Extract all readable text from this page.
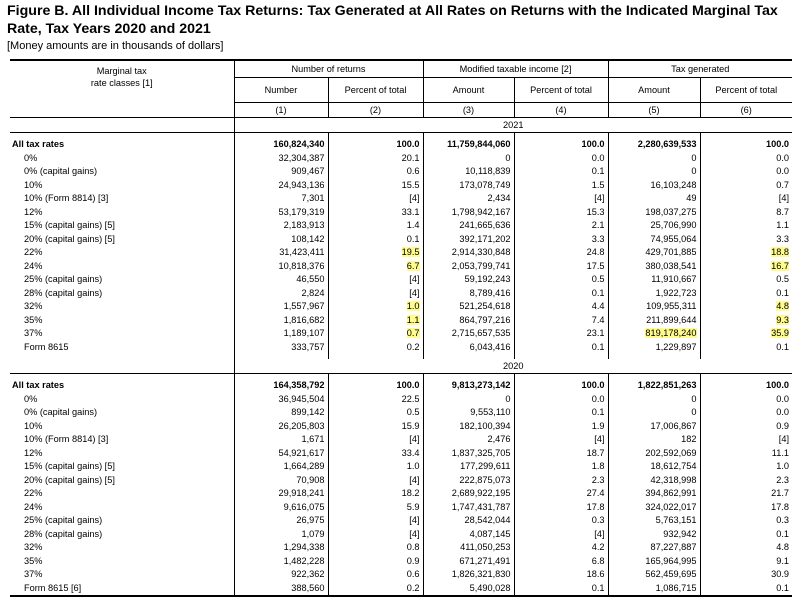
Figure B. All Individual Income Tax Returns: Tax Generated at All Rates on Returns with the Indicated Marginal Tax Rate, Tax Years 2020 and 2021
[Money amounts are in thousands of dollars]

Marginal tax
rate classes [1]	Number of returns		Modified taxable income [2]		Tax generated	
	Number	Percent of total	Amount	Percent of total	Amount	Percent of total
	(1)	(2)	(3)	(4)	(5)	(6)
	2021					

All tax rates	160,824,340	100.0	11,759,844,060	100.0	2,280,639,533	100.0
0%	32,304,387	20.1	0	0.0	0	0.0
0% (capital gains)	909,467	0.6	10,118,839	0.1	0	0.0
10%	24,943,136	15.5	173,078,749	1.5	16,103,248	0.7
10% (Form 8814) [3]	7,301	[4]	2,434	[4]	49	[4]
12%	53,179,319	33.1	1,798,942,167	15.3	198,037,275	8.7
15% (capital gains) [5]	2,183,913	1.4	241,665,636	2.1	25,706,990	1.1
20% (capital gains) [5]	108,142	0.1	392,171,202	3.3	74,955,064	3.3
22%	31,423,411	19.5	2,914,330,848	24.8	429,701,885	18.8
24%	10,818,376	6.7	2,053,799,741	17.5	380,038,541	16.7
25% (capital gains)	46,550	[4]	59,192,243	0.5	11,910,667	0.5
28% (capital gains)	2,824	[4]	8,789,416	0.1	1,922,723	0.1
32%	1,557,967	1.0	521,254,618	4.4	109,955,311	4.8
35%	1,816,682	1.1	864,797,216	7.4	211,899,644	9.3
37%	1,189,107	0.7	2,715,657,535	23.1	819,178,240	35.9
Form 8615	333,757	0.2	6,043,416	0.1	1,229,897	0.1

	2020					

All tax rates	164,358,792	100.0	9,813,273,142	100.0	1,822,851,263	100.0
0%	36,945,504	22.5	0	0.0	0	0.0
0% (capital gains)	899,142	0.5	9,553,110	0.1	0	0.0
10%	26,205,803	15.9	182,100,394	1.9	17,006,867	0.9
10% (Form 8814) [3]	1,671	[4]	2,476	[4]	182	[4]
12%	54,921,617	33.4	1,837,325,705	18.7	202,592,069	11.1
15% (capital gains) [5]	1,664,289	1.0	177,299,611	1.8	18,612,754	1.0
20% (capital gains) [5]	70,908	[4]	222,875,073	2.3	42,318,998	2.3
22%	29,918,241	18.2	2,689,922,195	27.4	394,862,991	21.7
24%	9,616,075	5.9	1,747,431,787	17.8	324,022,017	17.8
25% (capital gains)	26,975	[4]	28,542,044	0.3	5,763,151	0.3
28% (capital gains)	1,079	[4]	4,087,145	[4]	932,942	0.1
32%	1,294,338	0.8	411,050,253	4.2	87,227,887	4.8
35%	1,482,228	0.9	671,271,491	6.8	165,964,995	9.1
37%	922,362	0.6	1,826,321,830	18.6	562,459,695	30.9
Form 8615 [6]	388,560	0.2	5,490,028	0.1	1,086,715	0.1
